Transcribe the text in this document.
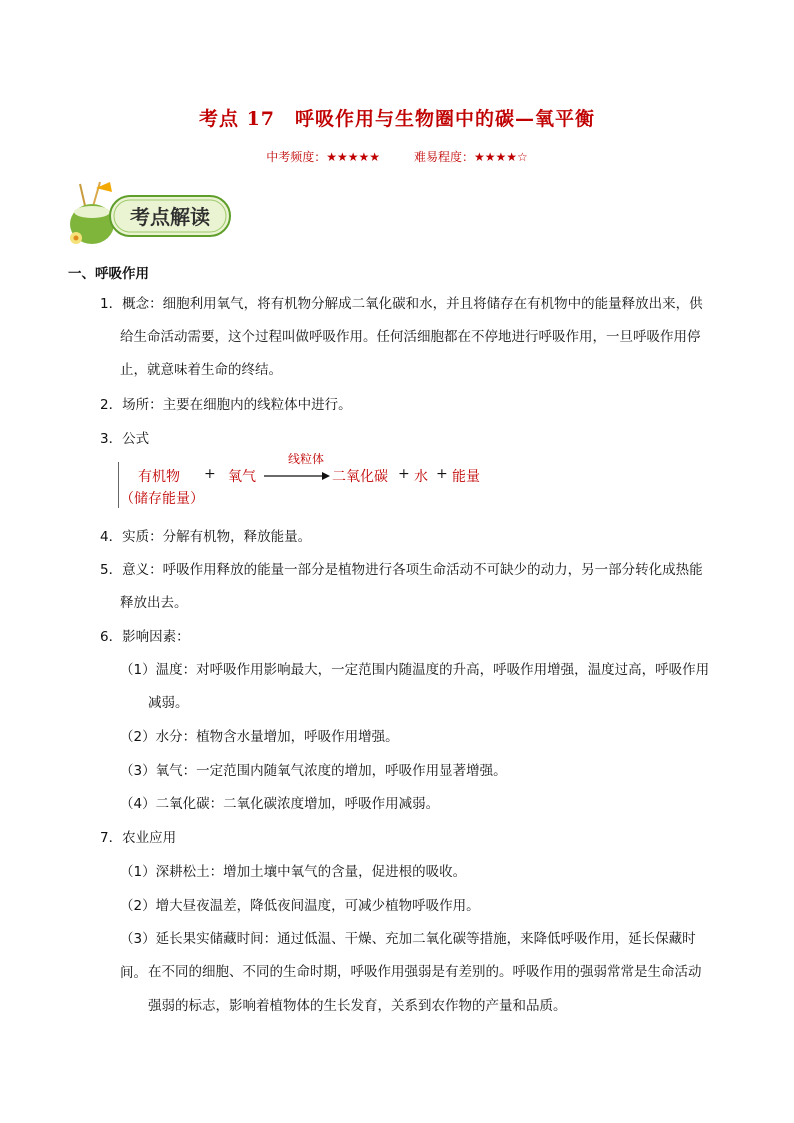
考点 17　呼吸作用与生物圈中的碳—氧平衡
中考频度：★★★★★	难易程度：★★★★☆
考点解读
一、呼吸作用
1．概念：细胞利用氧气，将有机物分解成二氧化碳和水，并且将储存在有机物中的能量释放出来，供
给生命活动需要，这个过程叫做呼吸作用。任何活细胞都在不停地进行呼吸作用，一旦呼吸作用停
止，就意味着生命的终结。
2．场所：主要在细胞内的线粒体中进行。
3．公式
有机物
（储存能量）
+ 氧气
线粒体
二氧化碳 + 水 + 能量
4．实质：分解有机物，释放能量。
5．意义：呼吸作用释放的能量一部分是植物进行各项生命活动不可缺少的动力，另一部分转化成热能
释放出去。
6．影响因素：
（1）温度：对呼吸作用影响最大，一定范围内随温度的升高，呼吸作用增强，温度过高，呼吸作用
减弱。
（2）水分：植物含水量增加，呼吸作用增强。
（3）氧气：一定范围内随氧气浓度的增加，呼吸作用显著增强。
（4）二氧化碳：二氧化碳浓度增加，呼吸作用减弱。
7．农业应用
（1）深耕松土：增加土壤中氧气的含量，促进根的吸收。
（2）增大昼夜温差，降低夜间温度，可减少植物呼吸作用。
（3）延长果实储藏时间：通过低温、干燥、充加二氧化碳等措施，来降低呼吸作用，延长保藏时间。 在不同的细胞、不同的生命时期，呼吸作用强弱是有差别的。呼吸作用的强弱常常是生命活动
强弱的标志，影响着植物体的生长发育，关系到农作物的产量和品质。
